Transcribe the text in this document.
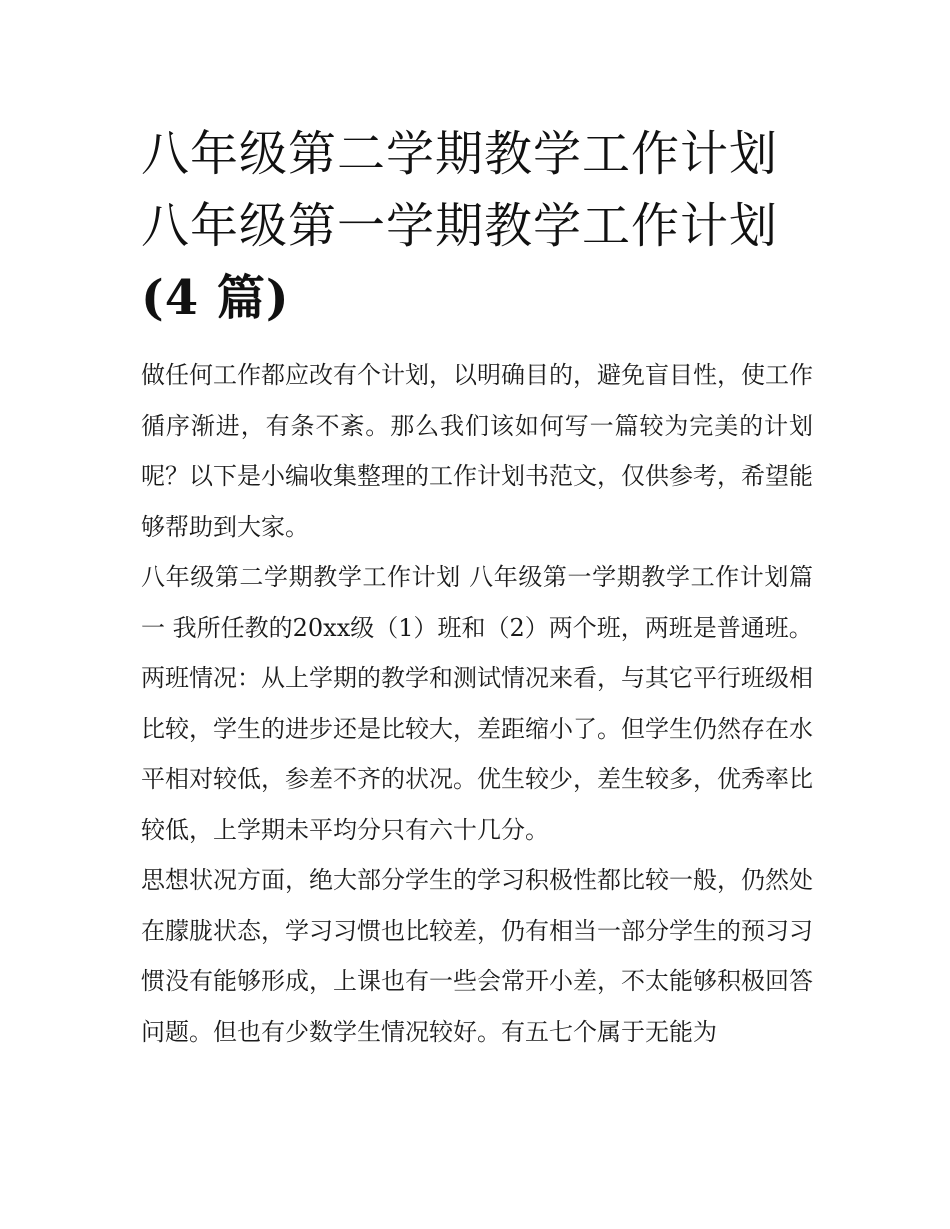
八年级第二学期教学工作计划
八年级第一学期教学工作计划
(4 篇)

做任何工作都应改有个计划，以明确目的，避免盲目性，使工作循序渐进，有条不紊。那么我们该如何写一篇较为完美的计划呢？以下是小编收集整理的工作计划书范文，仅供参考，希望能够帮助到大家。

八年级第二学期教学工作计划 八年级第一学期教学工作计划篇一 我所任教的20xx级（1）班和（2）两个班，两班是普通班。

两班情况：从上学期的教学和测试情况来看，与其它平行班级相比较，学生的进步还是比较大，差距缩小了。但学生仍然存在水平相对较低，参差不齐的状况。优生较少，差生较多，优秀率比较低，上学期未平均分只有六十几分。

思想状况方面，绝大部分学生的学习积极性都比较一般，仍然处在朦胧状态，学习习惯也比较差，仍有相当一部分学生的预习习惯没有能够形成，上课也有一些会常开小差，不太能够积极回答问题。但也有少数学生情况较好。有五七个属于无能为
